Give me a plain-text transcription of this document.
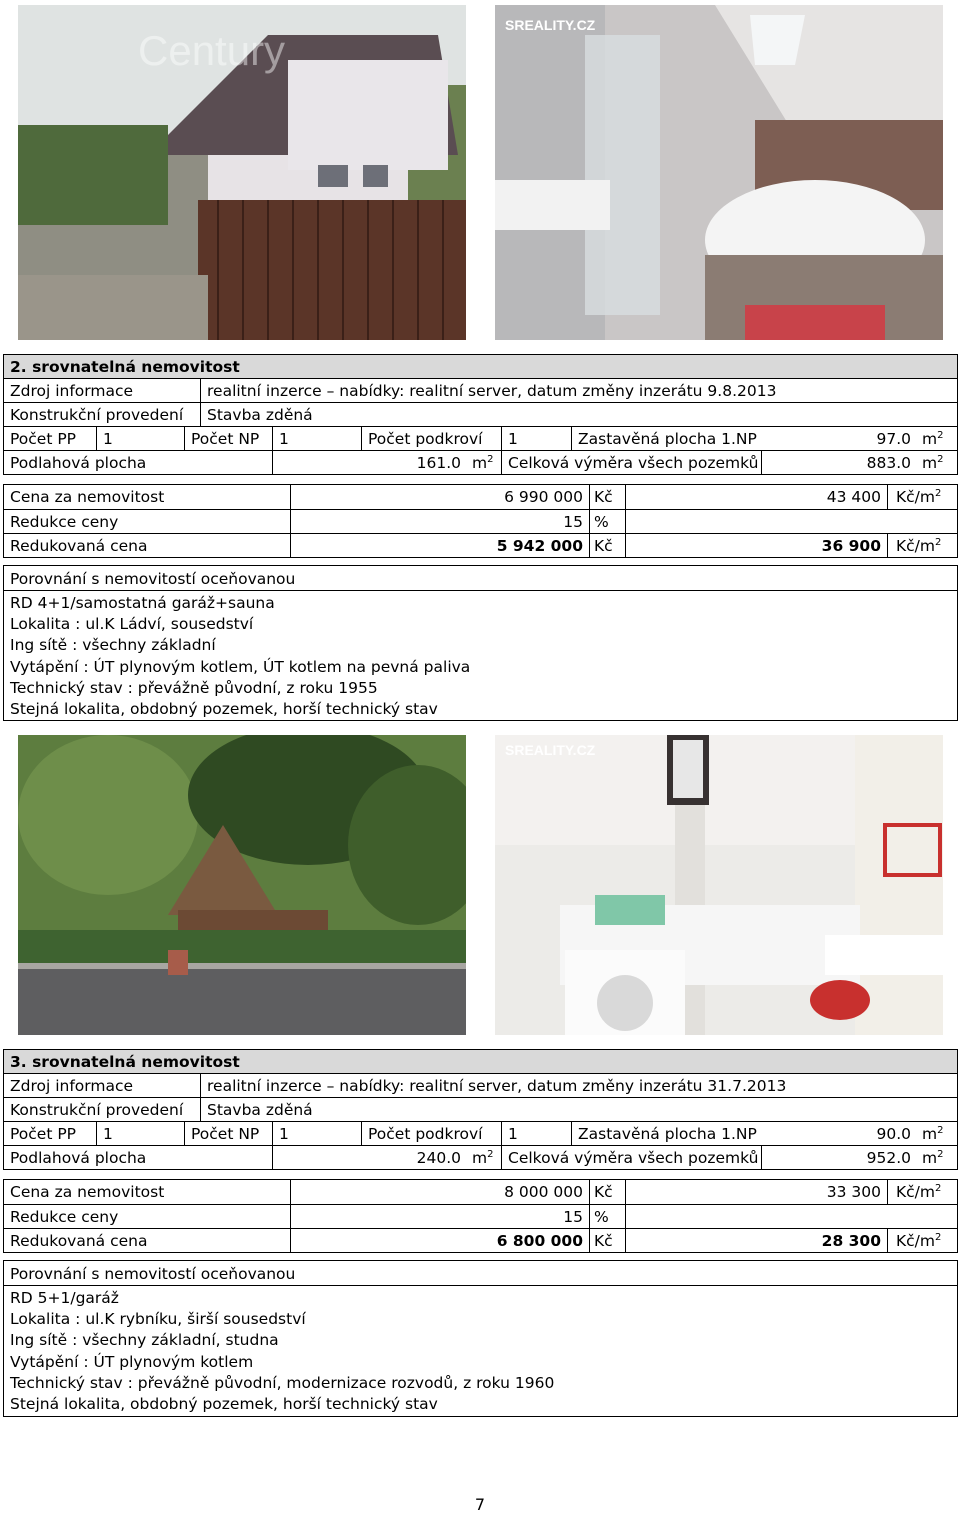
Century
SREALITY.CZ
2. srovnatelná nemovitost
Zdroj informace	realitní inzerce – nabídky: realitní server, datum změny inzerátu 9.8.2013
Konstrukční provedení	Stavba zděná
Počet PP	1	Počet NP	1	Počet podkroví	1	Zastavěná plocha 1.NP	97.0 $m^2$
Podlahová plocha	161.0 $m^2$ Celková výměra všech pozemků	883.0 $m^2$
Cena za nemovitost	6 990 000 Kč	43 400 $Kč/m^2$
Redukce ceny	15 %
Redukovaná cena	5 942 000 Kč	36 900 $Kč/m^2$
Porovnání s nemovitostí oceňovanou
RD 4+1/samostatná garáž+sauna
Lokalita : ul.K Ládví, sousedství
Ing sítě : všechny základní
Vytápění : ÚT plynovým kotlem, ÚT kotlem na pevná paliva
Technický stav : převážně původní, z roku 1955
Stejná lokalita, obdobný pozemek, horší technický stav
SREALITY.CZ
3. srovnatelná nemovitost
Zdroj informace	realitní inzerce – nabídky: realitní server, datum změny inzerátu 31.7.2013
Konstrukční provedení	Stavba zděná
Počet PP	1	Počet NP	1	Počet podkroví	1	Zastavěná plocha 1.NP	90.0 $m^2$
Podlahová plocha	240.0 $m^2$ Celková výměra všech pozemků	952.0 $m^2$
Cena za nemovitost	8 000 000 Kč	33 300 $Kč/m^2$
Redukce ceny	15 %
Redukovaná cena	6 800 000 Kč	28 300 $Kč/m^2$
Porovnání s nemovitostí oceňovanou
RD 5+1/garáž
Lokalita : ul.K rybníku, širší sousedství
Ing sítě : všechny základní, studna
Vytápění : ÚT plynovým kotlem
Technický stav : převážně původní, modernizace rozvodů, z roku 1960
Stejná lokalita, obdobný pozemek, horší technický stav
7
